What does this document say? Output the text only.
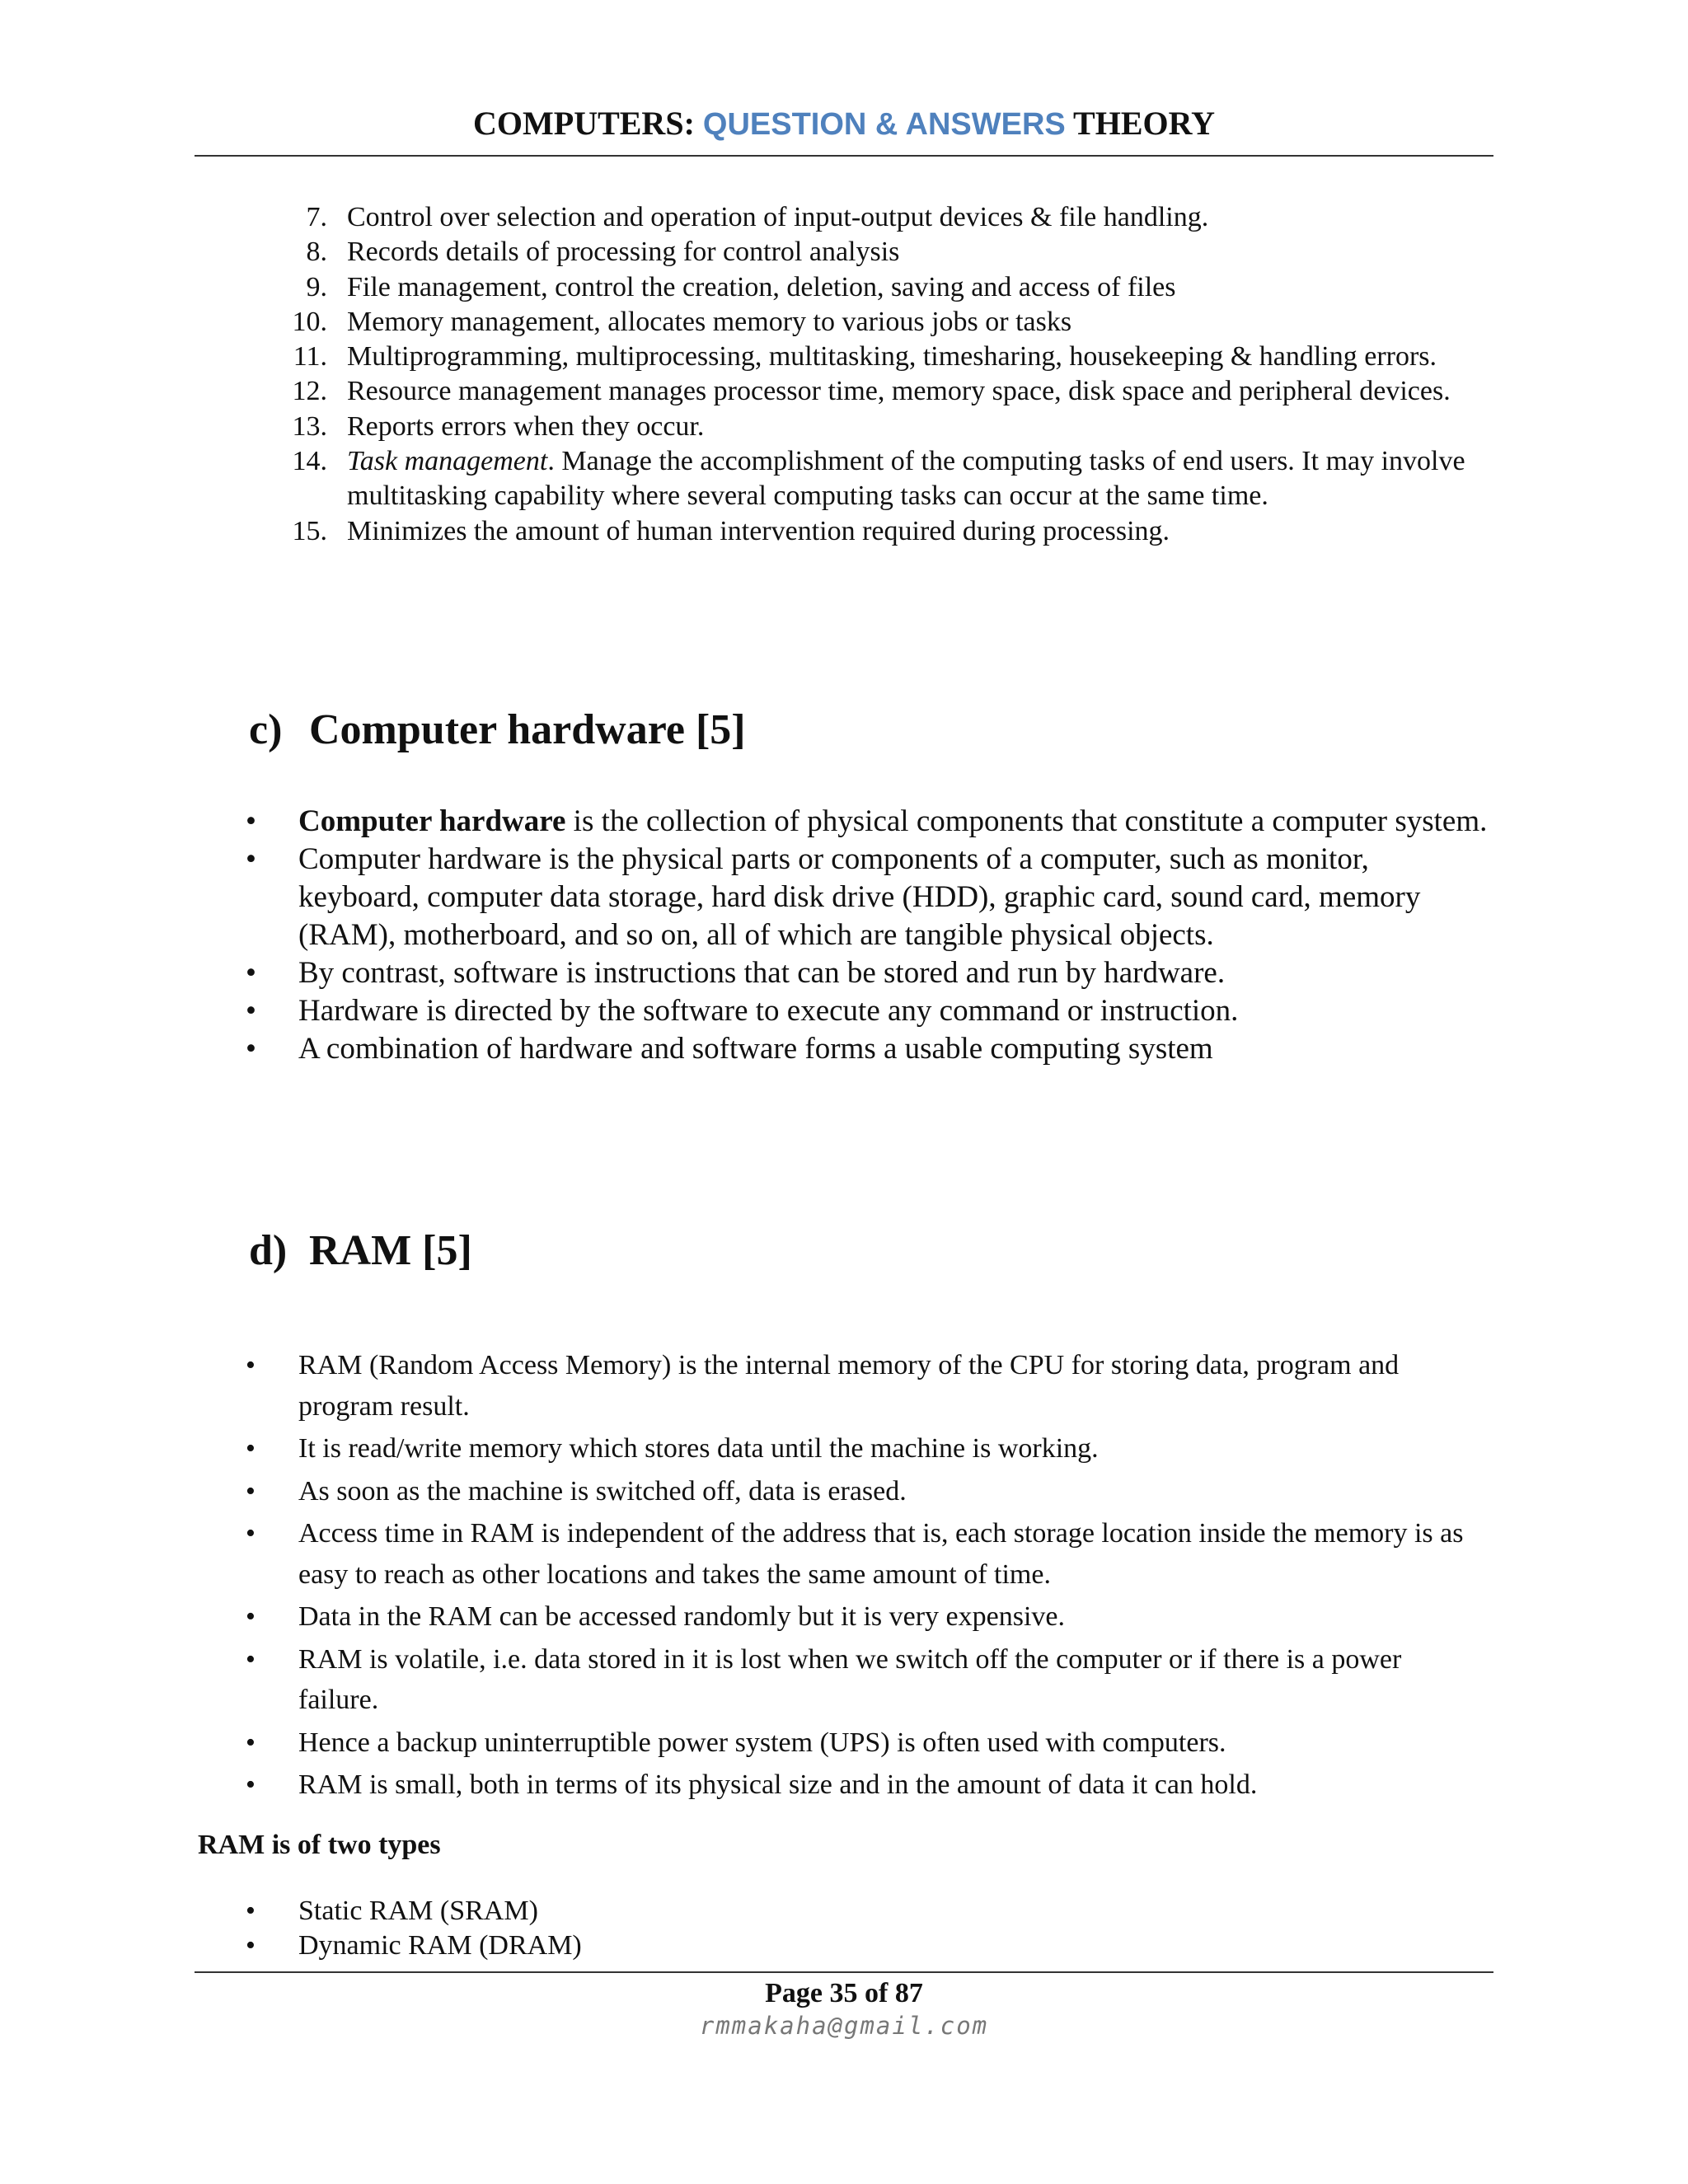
COMPUTERS: QUESTION & ANSWERS THEORY
7. Control over selection and operation of input-output devices & file handling.
8. Records details of processing for control analysis
9. File management, control the creation, deletion, saving and access of files
10. Memory management, allocates memory to various jobs or tasks
11. Multiprogramming, multiprocessing, multitasking, timesharing, housekeeping & handling errors.
12. Resource management manages processor time, memory space, disk space and peripheral devices.
13. Reports errors when they occur.
14. Task management. Manage the accomplishment of the computing tasks of end users. It may involve multitasking capability where several computing tasks can occur at the same time.
15. Minimizes the amount of human intervention required during processing.
c) Computer hardware [5]
• Computer hardware is the collection of physical components that constitute a computer system.
• Computer hardware is the physical parts or components of a computer, such as monitor, keyboard, computer data storage, hard disk drive (HDD), graphic card, sound card, memory (RAM), motherboard, and so on, all of which are tangible physical objects.
• By contrast, software is instructions that can be stored and run by hardware.
• Hardware is directed by the software to execute any command or instruction.
• A combination of hardware and software forms a usable computing system
d) RAM [5]
• RAM (Random Access Memory) is the internal memory of the CPU for storing data, program and program result.
• It is read/write memory which stores data until the machine is working.
• As soon as the machine is switched off, data is erased.
• Access time in RAM is independent of the address that is, each storage location inside the memory is as easy to reach as other locations and takes the same amount of time.
• Data in the RAM can be accessed randomly but it is very expensive.
• RAM is volatile, i.e. data stored in it is lost when we switch off the computer or if there is a power failure.
• Hence a backup uninterruptible power system (UPS) is often used with computers.
• RAM is small, both in terms of its physical size and in the amount of data it can hold.

RAM is of two types

• Static RAM (SRAM)
• Dynamic RAM (DRAM)
Page 35 of 87
rmmakaha@gmail.com
